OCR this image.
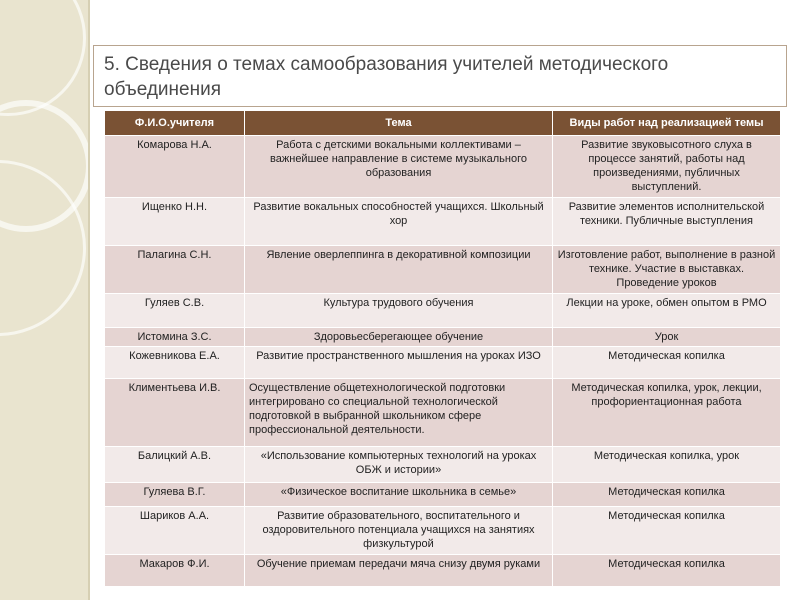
5. Сведения о темах самообразования учителей методического объединения
Ф.И.О.учителя	Тема	Виды работ над реализацией темы
Комарова Н.А.	Работа с детскими вокальными коллективами – важнейшее направление в системе музыкального образования	Развитие звуковысотного слуха в процессе занятий, работы над произведениями, публичных выступлений.
Ищенко Н.Н.	Развитие вокальных способностей учащихся. Школьный хор	Развитие элементов исполнительской техники. Публичные выступления
Палагина С.Н.	Явление оверлеппинга в декоративной композиции	Изготовление работ, выполнение в разной технике. Участие в выставках. Проведение уроков
Гуляев С.В.	Культура трудового обучения	Лекции на уроке, обмен опытом в РМО
Истомина З.С.	Здоровьесберегающее обучение	Урок
Кожевникова Е.А.	Развитие пространственного мышления на уроках ИЗО	Методическая копилка
Климентьева И.В.	Осуществление общетехнологической подготовки интегрировано со специальной технологической подготовкой в выбранной школьником сфере профессиональной деятельности.	Методическая копилка, урок, лекции, профориентационная работа
Балицкий А.В.	«Использование компьютерных технологий на уроках ОБЖ и истории»	Методическая копилка, урок
Гуляева В.Г.	«Физическое воспитание школьника в семье»	Методическая копилка
Шариков А.А.	Развитие образовательного, воспитательного и оздоровительного потенциала учащихся на занятиях физкультурой	Методическая копилка
Макаров Ф.И.	Обучение приемам передачи мяча снизу двумя руками	Методическая копилка
